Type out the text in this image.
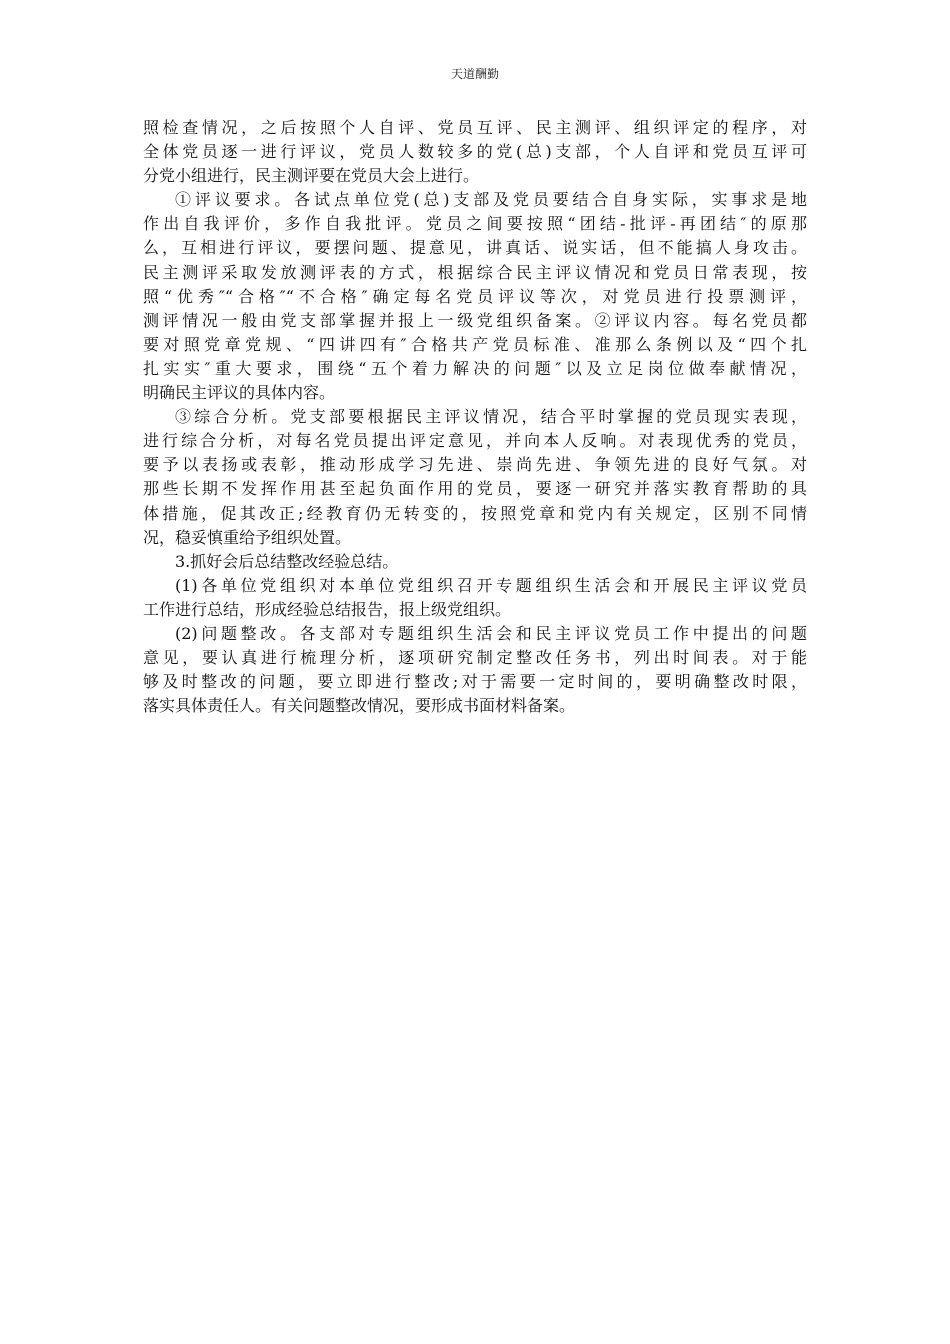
天道酬勤
照检查情况，之后按照个人自评、党员互评、民主测评、组织评定的程序，对
全体党员逐一进行评议，党员人数较多的党(总)支部，个人自评和党员互评可
分党小组进行，民主测评要在党员大会上进行。
①评议要求。各试点单位党(总)支部及党员要结合自身实际，实事求是地
作出自我评价，多作自我批评。党员之间要按照“团结-批评-再团结″的原那
么，互相进行评议，要摆问题、提意见，讲真话、说实话，但不能搞人身攻击。
民主测评采取发放测评表的方式，根据综合民主评议情况和党员日常表现，按
照“优秀″“合格″“不合格″确定每名党员评议等次，对党员进行投票测评，
测评情况一般由党支部掌握并报上一级党组织备案。②评议内容。每名党员都
要对照党章党规、“四讲四有″合格共产党员标准、准那么条例以及“四个扎
扎实实″重大要求，围绕“五个着力解决的问题″以及立足岗位做奉献情况，
明确民主评议的具体内容。
③综合分析。党支部要根据民主评议情况，结合平时掌握的党员现实表现，
进行综合分析，对每名党员提出评定意见，并向本人反响。对表现优秀的党员，
要予以表扬或表彰，推动形成学习先进、崇尚先进、争领先进的良好气氛。对
那些长期不发挥作用甚至起负面作用的党员，要逐一研究并落实教育帮助的具
体措施，促其改正;经教育仍无转变的，按照党章和党内有关规定，区别不同情
况，稳妥慎重给予组织处置。
3.抓好会后总结整改经验总结。
(1)各单位党组织对本单位党组织召开专题组织生活会和开展民主评议党员
工作进行总结，形成经验总结报告，报上级党组织。
(2)问题整改。各支部对专题组织生活会和民主评议党员工作中提出的问题
意见，要认真进行梳理分析，逐项研究制定整改任务书，列出时间表。对于能
够及时整改的问题，要立即进行整改;对于需要一定时间的，要明确整改时限，
落实具体责任人。有关问题整改情况，要形成书面材料备案。
